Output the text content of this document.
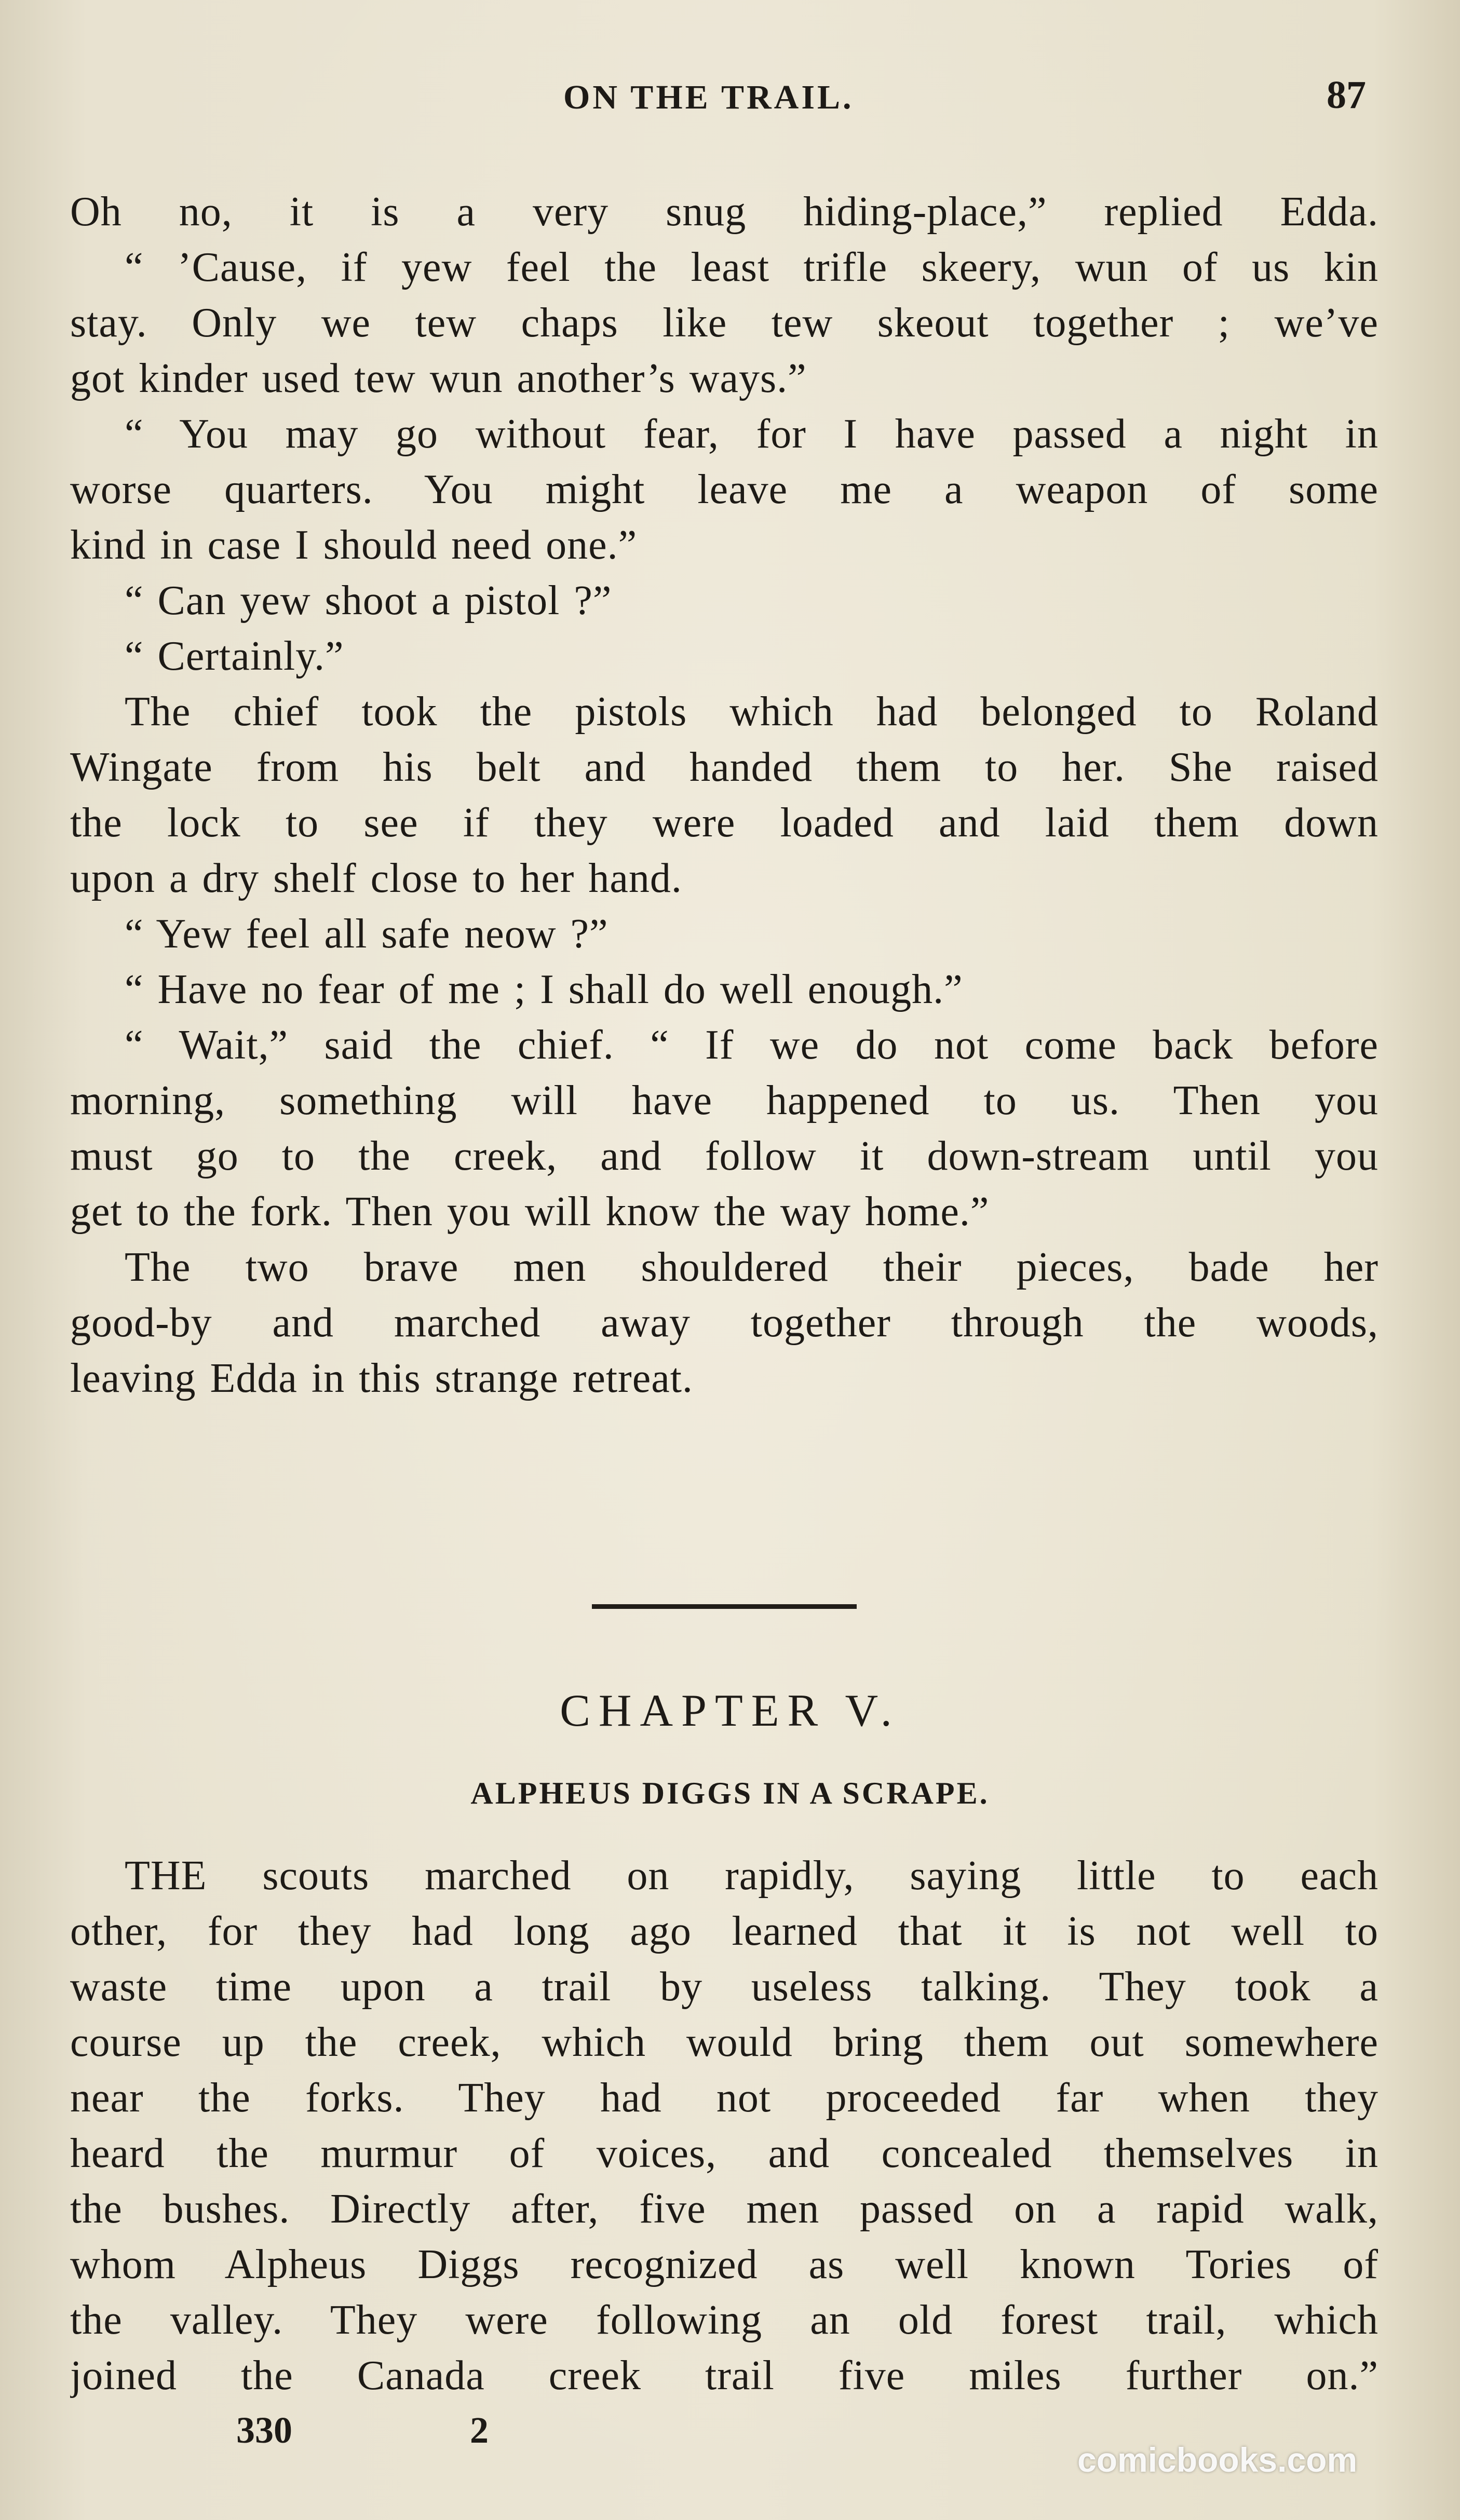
ON THE TRAIL.	87
Oh no, it is a very snug hiding-place,” replied Edda.
“ ’Cause, if yew feel the least trifle skeery, wun of us kin
stay. Only we tew chaps like tew skeout together ; we’ve
got kinder used tew wun another’s ways.”
“ You may go without fear, for I have passed a night in
worse quarters. You might leave me a weapon of some
kind in case I should need one.”
“ Can yew shoot a pistol ?”
“ Certainly.”
The chief took the pistols which had belonged to Roland
Wingate from his belt and handed them to her. She raised
the lock to see if they were loaded and laid them down
upon a dry shelf close to her hand.
“ Yew feel all safe neow ?”
“ Have no fear of me ; I shall do well enough.”
“ Wait,” said the chief. “ If we do not come back before
morning, something will have happened to us. Then you
must go to the creek, and follow it down-stream until you
get to the fork. Then you will know the way home.”
The two brave men shouldered their pieces, bade her
good-by and marched away together through the woods,
leaving Edda in this strange retreat.
CHAPTER V.
ALPHEUS DIGGS IN A SCRAPE.
THE scouts marched on rapidly, saying little to each
other, for they had long ago learned that it is not well to
waste time upon a trail by useless talking. They took a
course up the creek, which would bring them out somewhere
near the forks. They had not proceeded far when they
heard the murmur of voices, and concealed themselves in
the bushes. Directly after, five men passed on a rapid walk,
whom Alpheus Diggs recognized as well known Tories of
the valley. They were following an old forest trail, which
joined the Canada creek trail five miles further on.”
330	2
comicbooks.com
